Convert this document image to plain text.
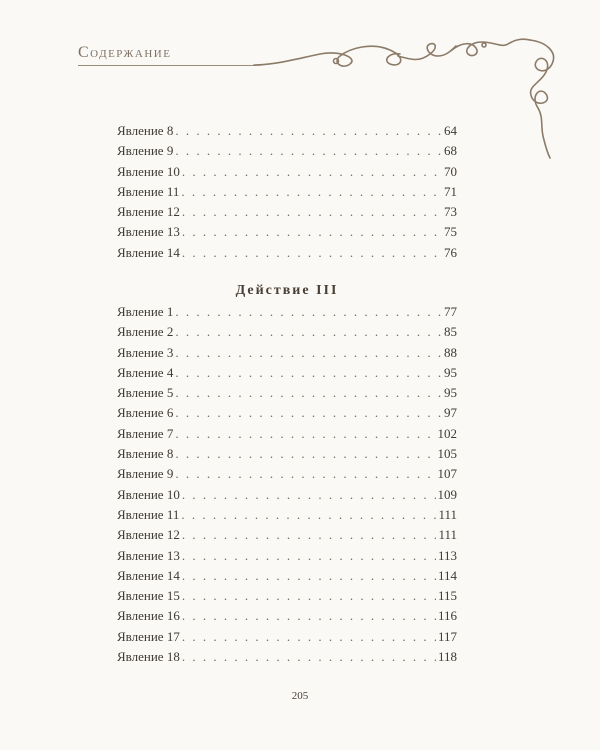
Содержание
Явление 8 . . .	64
Явление 9 . . .	68
Явление 10 . . .	70
Явление 11 . . .	71
Явление 12 . . .	73
Явление 13 . . .	75
Явление 14 . . .	76
Действие III
Явление 1 . . .	77
Явление 2 . . .	85
Явление 3 . . .	88
Явление 4 . . .	95
Явление 5 . . .	95
Явление 6 . . .	97
Явление 7 . . .	102
Явление 8 . . .	105
Явление 9 . . .	107
Явление 10 . . .	109
Явление 11 . . .	111
Явление 12 . . .	111
Явление 13 . . .	113
Явление 14 . . .	114
Явление 15 . . .	115
Явление 16 . . .	116
Явление 17 . . .	117
Явление 18 . . .	118
205
